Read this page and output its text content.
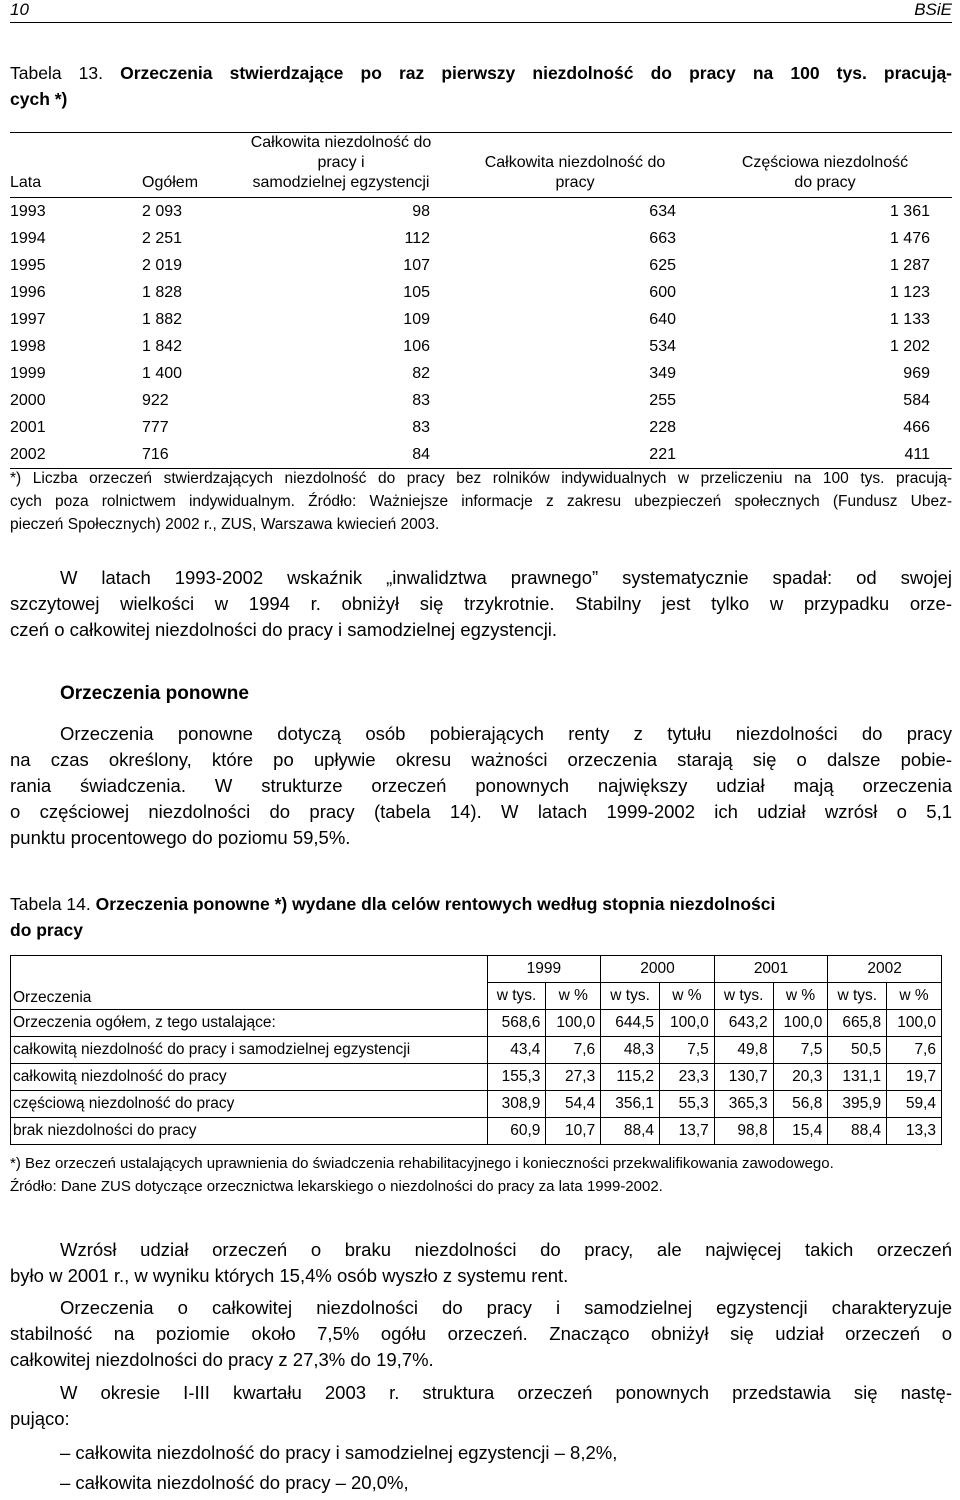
10	BSiE
Tabela 13. Orzeczenia stwierdzające po raz pierwszy niezdolność do pracy na 100 tys. pracują-
cych *)
Lata	Ogółem	Całkowita niezdolność do pracy i
samodzielnej egzystencji	Całkowita niezdolność do
pracy	Częściowa niezdolność
do pracy
1993	2 093	98	634	1 361
1994	2 251	112	663	1 476
1995	2 019	107	625	1 287
1996	1 828	105	600	1 123
1997	1 882	109	640	1 133
1998	1 842	106	534	1 202
1999	1 400	82	349	969
2000	922	83	255	584
2001	777	83	228	466
2002	716	84	221	411
*) Liczba orzeczeń stwierdzających niezdolność do pracy bez rolników indywidualnych w przeliczeniu na 100 tys. pracują-
cych poza rolnictwem indywidualnym. Źródło: Ważniejsze informacje z zakresu ubezpieczeń społecznych (Fundusz Ubez-
pieczeń Społecznych) 2002 r., ZUS, Warszawa kwiecień 2003.
W latach 1993-2002 wskaźnik „inwalidztwa prawnego” systematycznie spadał: od swojej
szczytowej wielkości w 1994 r. obniżył się trzykrotnie. Stabilny jest tylko w przypadku orze-
czeń o całkowitej niezdolności do pracy i samodzielnej egzystencji.
Orzeczenia ponowne
Orzeczenia ponowne dotyczą osób pobierających renty z tytułu niezdolności do pracy
na czas określony, które po upływie okresu ważności orzeczenia starają się o dalsze pobie-
rania świadczenia. W strukturze orzeczeń ponownych największy udział mają orzeczenia
o częściowej niezdolności do pracy (tabela 14). W latach 1999-2002 ich udział wzrósł o 5,1
punktu procentowego do poziomu 59,5%.
Tabela 14. Orzeczenia ponowne *) wydane dla celów rentowych według stopnia niezdolności
do pracy
Orzeczenia	1999		2000		2001		2002	
	w tys.	w %	w tys.	w %	w tys.	w %	w tys.	w %
Orzeczenia ogółem, z tego ustalające:	568,6	100,0	644,5	100,0	643,2	100,0	665,8	100,0
całkowitą niezdolność do pracy i samodzielnej egzystencji	43,4	7,6	48,3	7,5	49,8	7,5	50,5	7,6
całkowitą niezdolność do pracy	155,3	27,3	115,2	23,3	130,7	20,3	131,1	19,7
częściową niezdolność do pracy	308,9	54,4	356,1	55,3	365,3	56,8	395,9	59,4
brak niezdolności do pracy	60,9	10,7	88,4	13,7	98,8	15,4	88,4	13,3
*) Bez orzeczeń ustalających uprawnienia do świadczenia rehabilitacyjnego i konieczności przekwalifikowania zawodowego.
Źródło: Dane ZUS dotyczące orzecznictwa lekarskiego o niezdolności do pracy za lata 1999-2002.
Wzrósł udział orzeczeń o braku niezdolności do pracy, ale najwięcej takich orzeczeń
było w 2001 r., w wyniku których 15,4% osób wyszło z systemu rent.
Orzeczenia o całkowitej niezdolności do pracy i samodzielnej egzystencji charakteryzuje
stabilność na poziomie około 7,5% ogółu orzeczeń. Znacząco obniżył się udział orzeczeń o
całkowitej niezdolności do pracy z 27,3% do 19,7%.
W okresie I-III kwartału 2003 r. struktura orzeczeń ponownych przedstawia się nastę-
pująco:
– całkowita niezdolność do pracy i samodzielnej egzystencji – 8,2%,
– całkowita niezdolność do pracy – 20,0%,
